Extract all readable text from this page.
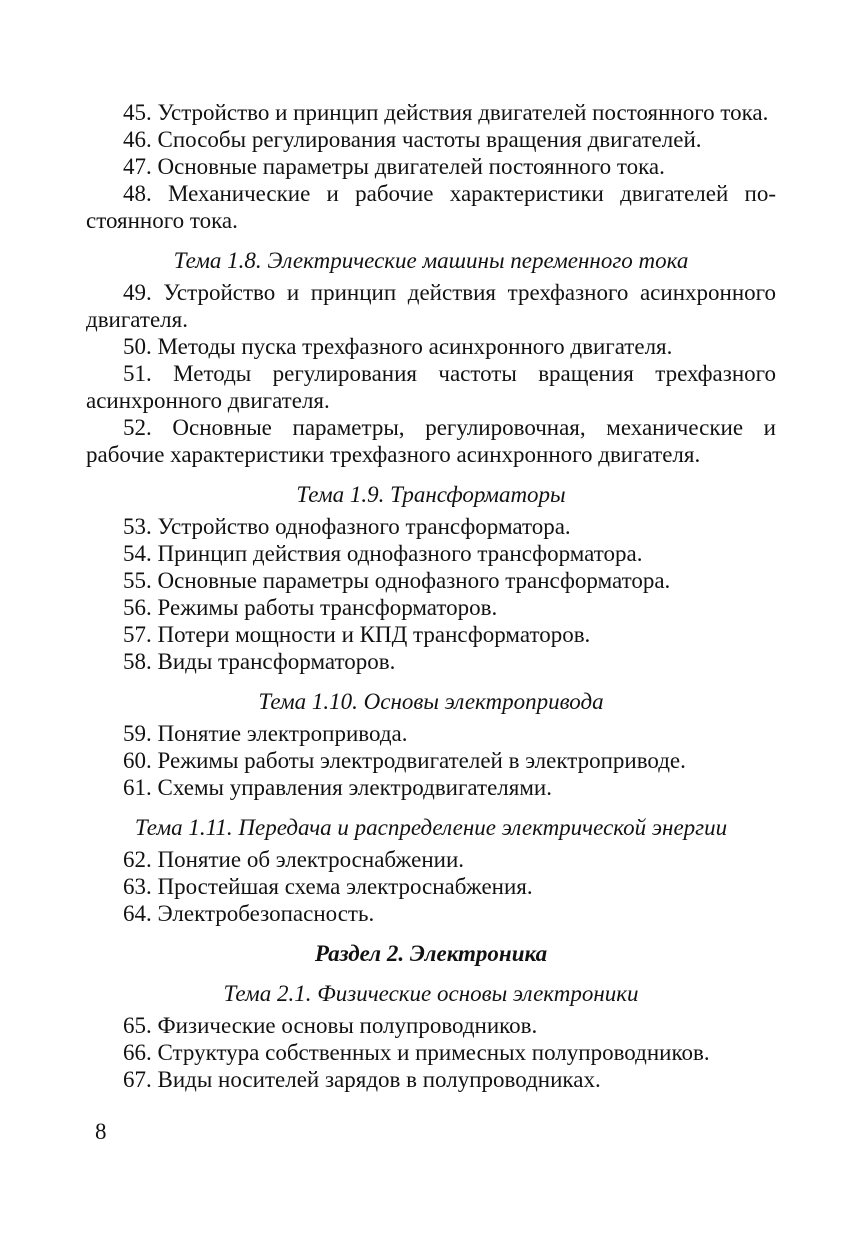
45. Устройство и принцип действия двигателей постоянного тока.

46. Способы регулирования частоты вращения двигателей.

47. Основные параметры двигателей постоянного тока.

48. Механические и рабочие характеристики двигателей постоянного тока.

Тема 1.8. Электрические машины переменного тока

49. Устройство и принцип действия трехфазного асинхронного двигателя.

50. Методы пуска трехфазного асинхронного двигателя.

51. Методы регулирования частоты вращения трехфазного асинхронного двигателя.

52. Основные параметры, регулировочная, механические и рабочие характеристики трехфазного асинхронного двигателя.

Тема 1.9. Трансформаторы

53. Устройство однофазного трансформатора.

54. Принцип действия однофазного трансформатора.

55. Основные параметры однофазного трансформатора.

56. Режимы работы трансформаторов.

57. Потери мощности и КПД трансформаторов.

58. Виды трансформаторов.

Тема 1.10. Основы электропривода

59. Понятие электропривода.

60. Режимы работы электродвигателей в электроприводе.

61. Схемы управления электродвигателями.

Тема 1.11. Передача и распределение электрической энергии

62. Понятие об электроснабжении.

63. Простейшая схема электроснабжения.

64. Электробезопасность.

Раздел 2. Электроника

Тема 2.1. Физические основы электроники

65. Физические основы полупроводников.

66. Структура собственных и примесных полупроводников.

67. Виды носителей зарядов в полупроводниках.

8
